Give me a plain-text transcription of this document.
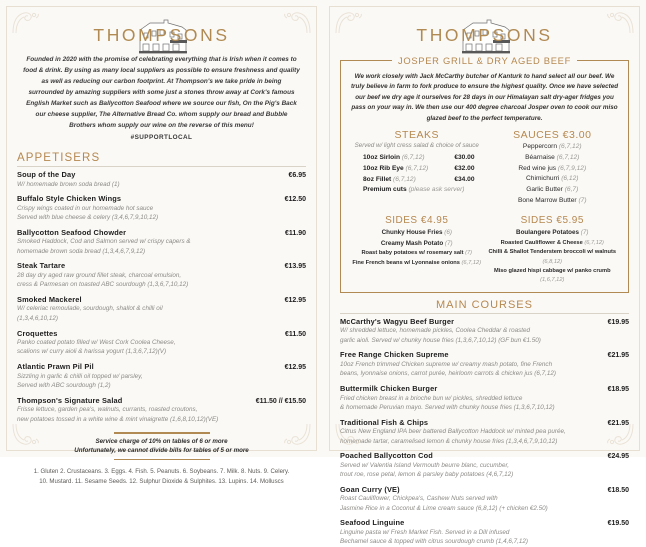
THOMPSONS
Founded in 2020 with the promise of celebrating everything that is Irish when it comes to food & drink. By using as many local suppliers as possible to ensure freshness and quality as well as reducing our carbon footprint. At Thompson's we take pride in being surrounded by amazing suppliers with some just a stones throw away at Cork's famous English Market such as Ballycotton Seafood where we source our fish, On the Pig's Back our cheese supplier, The Alternative Bread Co. whom supply our bread and Bubble Brothers whom supply our wine on the reverse of this menu!
#SUPPORTLOCAL
APPETISERS
Soup of the Day	€6.95
W/ homemade brown soda bread (1)
Buffalo Style Chicken Wings	€12.50
Crispy wings coated in our homemade hot sauce
Served with blue cheese & celery (3,4,6,7,9,10,12)
Ballycotton Seafood Chowder	€11.90
Smoked Haddock, Cod and Salmon served w/ crispy capers &
homemade brown soda bread (1,3,4,6,7,9,12)
Steak Tartare	€13.95
28 day dry aged raw ground fillet steak, charcoal emulsion,
cress & Parmesan on toasted ABC sourdough (1,3,6,7,10,12)
Smoked Mackerel	€12.95
W/ celeriac remoulade, sourdough, shallot & chilli oil
(1,3,4,6,10,12)
Croquettes	€11.50
Panko coated potato filled w/ West Cork Coolea Cheese,
scalions w/ curry aioli & harissa yogurt (1,3,6,7,12)(V)
Atlantic Prawn Pil Pil	€12.95
Sizzling in garlic & chilli oil topped w/ parsley,
Served with ABC sourdough (1,2)
Thompson's Signature Salad	€11.50 // €15.50
Frisse lettuce, garden pea's, walnuts, currants, roasted croutons,
new potatoes tossed in a white wine & mint vinaigrette (1,6,8,10,12)(VE)
Service charge of 10% on tables of 6 or more
Unfortunately, we cannot divide bills for tables of 5 or more
1. Gluten 2. Crustaceans. 3. Eggs. 4. Fish. 5. Peanuts. 6. Soybeans. 7. Milk. 8. Nuts. 9. Celery.
10. Mustard. 11. Sesame Seeds. 12. Sulphur Dioxide & Sulphites. 13. Lupins. 14. Molluscs
THOMPSONS
JOSPER GRILL & DRY AGED BEEF
We work closely with Jack McCarthy butcher of Kanturk to hand select all our beef. We truly believe in farm to fork produce to ensure the highest quality. Once we have selected our beef we dry age it ourselves for 28 days in our Himalayan salt dry-ager fridges you pass on your way in. We then use our 400 degree charcoal Josper oven to cook our miso glazed beef to the perfect temperature.
STEAKS
Served w/ light cress salad & choice of sauce
10oz Sirloin (6,7,12)	€30.00
10oz Rib Eye (6,7,12)	€32.00
8oz Fillet (6,7,12)	€34.00
Premium cuts (please ask server)
SAUCES €3.00
Peppercorn (6,7,12)
Béarnaise (6,7,12)
Red wine jus (6,7,9,12)
Chimichurri (6,12)
Garlic Butter (6,7)
Bone Marrow Butter (7)
SIDES €4.95
Chunky House Fries (6)
Creamy Mash Potato (7)
Roast baby potatoes w/ rosemary salt (7)
Fine French beans w/ Lyonnaise onions (6,7,12)
SIDES €5.95
Boulangere Potatoes (7)
Roasted Cauliflower & Cheese (6,7,12)
Chilli & Shallot Tenderstem broccoli w/ walnuts (6,8,12)
Miso glazed hispi cabbage w/ panko crumb (1,6,7,12)
MAIN COURSES
McCarthy's Wagyu Beef Burger	€19.95
W/ shredded lettuce, homemade pickles, Coolea Cheddar & roasted
garlic aioli. Served w/ chunky house fries (1,3,6,7,10,12) (GF bun €1.50)
Free Range Chicken Supreme	€21.95
10oz French trimmed Chicken supreme w/ creamy mash potato, fine French
beans, lyonnaise onions, carrot purée, heirloom carrots & chicken jus (6,7,12)
Buttermilk Chicken Burger	€18.95
Fried chicken breast in a brioche bun w/ pickles, shredded lettuce
& homemade Peruvian mayo. Served with chunky house fries (1,3,6,7,10,12)
Traditional Fish & Chips	€21.95
Citrus New England IPA beer battered Ballycotton Haddock w/ minted pea purée,
homemade tartar, caramelised lemon & chunky house fries (1,3,4,6,7,9,10,12)
Poached Ballycotton Cod	€24.95
Served w/ Valentia Island Vermouth beurre blanc, cucumber,
trout roe, rose petal, lemon & parsley baby potatoes (4,6,7,12)
Goan Curry (VE)	€18.50
Roast Cauliflower, Chickpea's, Cashew Nuts served with
Jasmine Rice in a Coconut & Lime cream sauce (6,8,12) (+ chicken €2.50)
Seafood Linguine	€19.50
Linguine pasta w/ Fresh Market Fish. Served in a Dill infused
Bechamel sauce & topped with citrus sourdough crumb (1,4,6,7,12)
